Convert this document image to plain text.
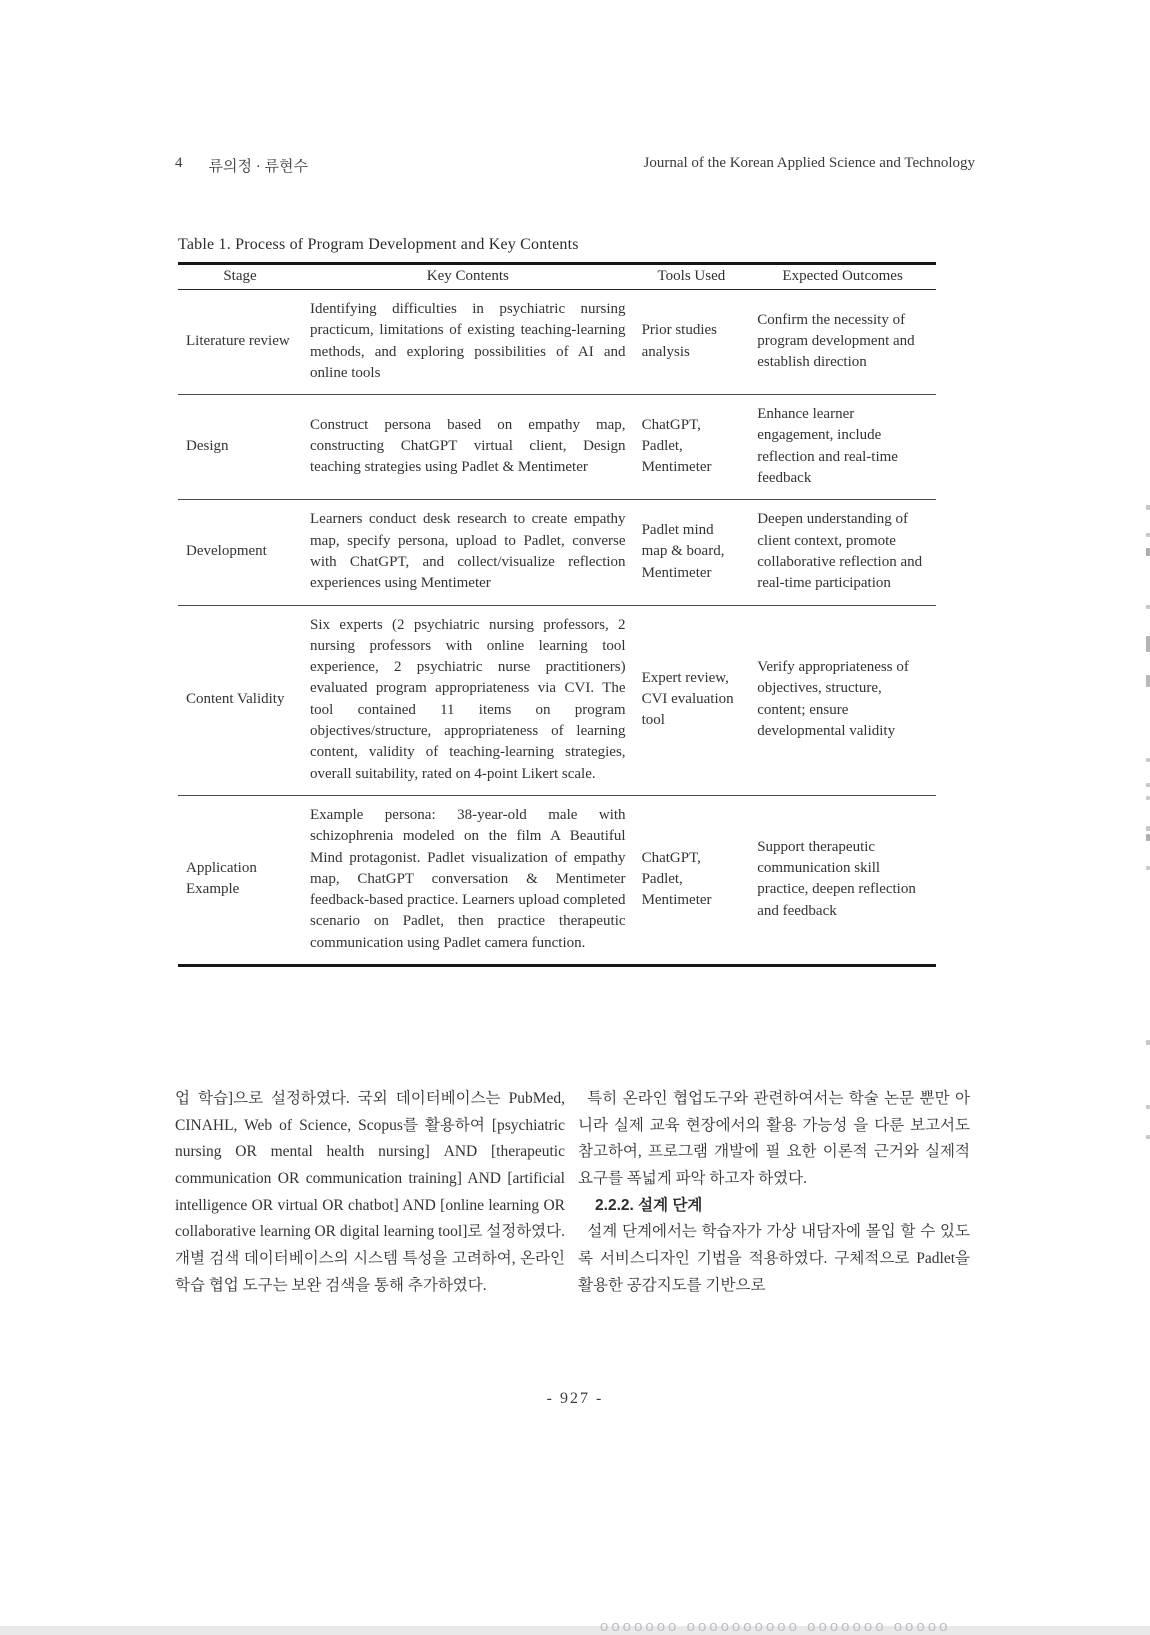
4 류의정 · 류현수	Journal of the Korean Applied Science and Technology

Table 1. Process of Program Development and Key Contents

Stage	Key Contents	Tools Used	Expected Outcomes
Literature review	Identifying difficulties in psychiatric nursing practicum, limitations of existing teaching-learning methods, and exploring possibilities of AI and online tools	Prior studies analysis	Confirm the necessity of program development and establish direction
Design	Construct persona based on empathy map, constructing ChatGPT virtual client, Design teaching strategies using Padlet & Mentimeter	ChatGPT, Padlet, Mentimeter	Enhance learner engagement, include reflection and real-time feedback
Development	Learners conduct desk research to create empathy map, specify persona, upload to Padlet, converse with ChatGPT, and collect/visualize reflection experiences using Mentimeter	Padlet mind map & board, Mentimeter	Deepen understanding of client context, promote collaborative reflection and real-time participation
Content Validity	Six experts (2 psychiatric nursing professors, 2 nursing professors with online learning tool experience, 2 psychiatric nurse practitioners) evaluated program appropriateness via CVI. The tool contained 11 items on program objectives/structure, appropriateness of learning content, validity of teaching-learning strategies, overall suitability, rated on 4-point Likert scale.	Expert review, CVI evaluation tool	Verify appropriateness of objectives, structure, content; ensure developmental validity
Application Example	Example persona: 38-year-old male with schizophrenia modeled on the film A Beautiful Mind protagonist. Padlet visualization of empathy map, ChatGPT conversation & Mentimeter feedback-based practice. Learners upload completed scenario on Padlet, then practice therapeutic communication using Padlet camera function.	ChatGPT, Padlet, Mentimeter	Support therapeutic communication skill practice, deepen reflection and feedback

업 학습]으로 설정하였다. 국외 데이터베이스는 PubMed, CINAHL, Web of Science, Scopus를 활용하여 [psychiatric nursing OR mental health nursing] AND [therapeutic communication OR communication training] AND [artificial intelligence OR virtual OR chatbot] AND [online learning OR collaborative learning OR digital learning tool]로 설정하였다. 개별 검색 데이터베이스의 시스템 특성을 고려하여, 온라인 학습 협업 도구는 보완 검색을 통해 추가하였다.

특히 온라인 협업도구와 관련하여서는 학술 논문 뿐만 아니라 실제 교육 현장에서의 활용 가능성 을 다룬 보고서도 참고하여, 프로그램 개발에 필 요한 이론적 근거와 실제적 요구를 폭넓게 파악 하고자 하였다.

2.2.2. 설계 단계

설계 단계에서는 학습자가 가상 내담자에 몰입 할 수 있도록 서비스디자인 기법을 적용하였다. 구체적으로 Padlet을 활용한 공감지도를 기반으로

- 927 -
ooooooo oooooooooo ooooooo ooooo
